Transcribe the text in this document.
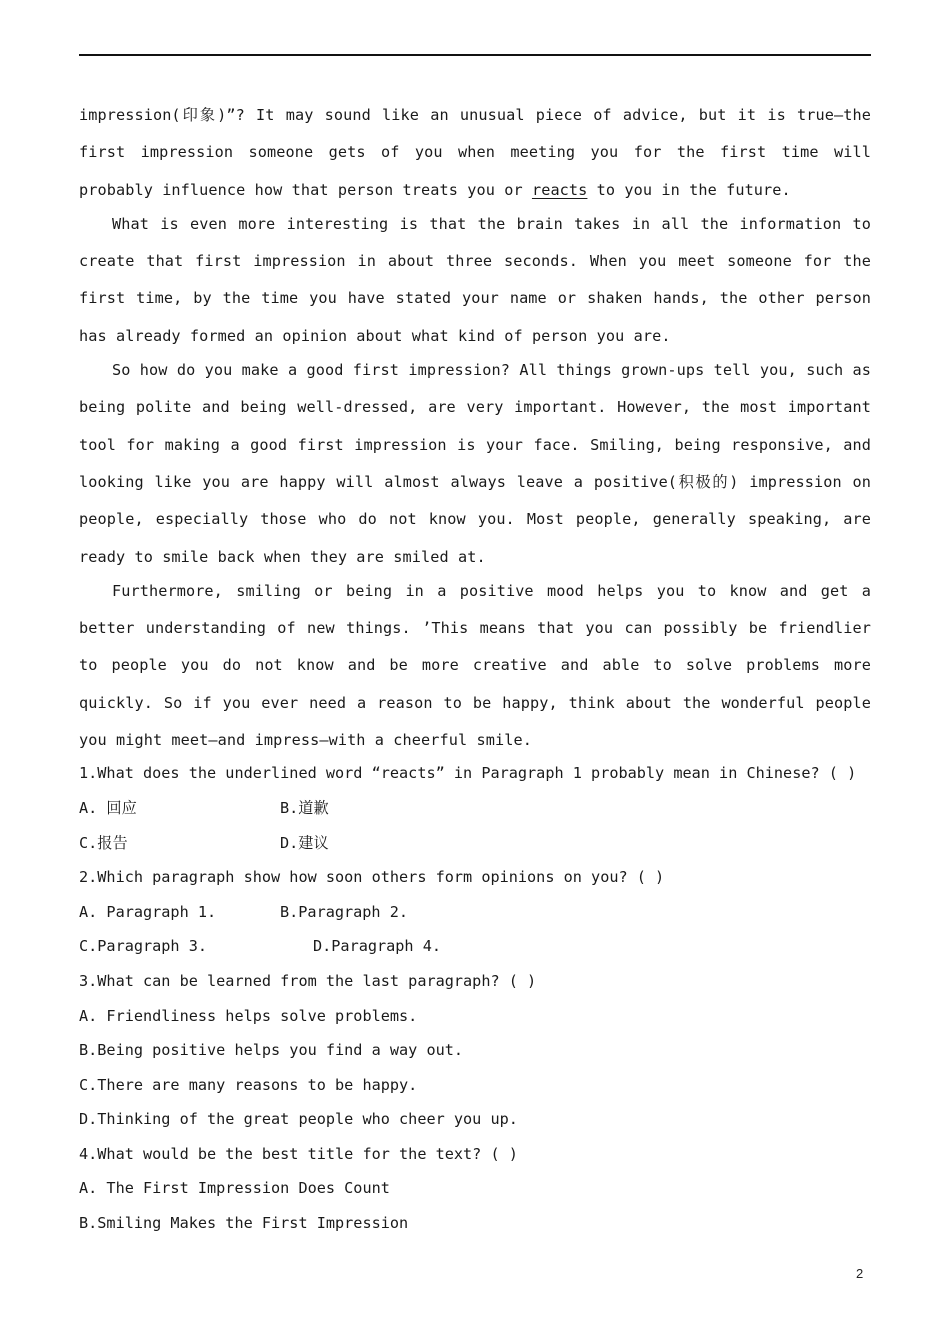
impression(印象)”? It may sound like an unusual piece of advice, but it is true—the first impression someone gets of you when meeting you for the first time will probably influence how that person treats you or reacts to you in the future.

What is even more interesting is that the brain takes in all the information to create that first impression in about three seconds. When you meet someone for the first time, by the time you have stated your name or shaken hands, the other person has already formed an opinion about what kind of person you are.

So how do you make a good first impression? All things grown-ups tell you, such as being polite and being well-dressed, are very important. However, the most important tool for making a good first impression is your face. Smiling, being responsive, and looking like you are happy will almost always leave a positive(积极的) impression on people, especially those who do not know you. Most people, generally speaking, are ready to smile back when they are smiled at.

Furthermore, smiling or being in a positive mood helps you to know and get a better understanding of new things. ’This means that you can possibly be friendlier to people you do not know and be more creative and able to solve problems more quickly. So if you ever need a reason to be happy, think about the wonderful people you might meet—and impress—with a cheerful smile.

1.What does the underlined word “reacts” in Paragraph 1 probably mean in Chinese? ( )
A. 回应	B.道歉
C.报告	D.建议
2.Which paragraph show how soon others form opinions on you? ( )
A. Paragraph 1.	B.Paragraph 2.
C.Paragraph 3.	D.Paragraph 4.
3.What can be learned from the last paragraph? ( )
A. Friendliness helps solve problems.
B.Being positive helps you find a way out.
C.There are many reasons to be happy.
D.Thinking of the great people who cheer you up.
4.What would be the best title for the text? ( )
A. The First Impression Does Count
B.Smiling Makes the First Impression
2
